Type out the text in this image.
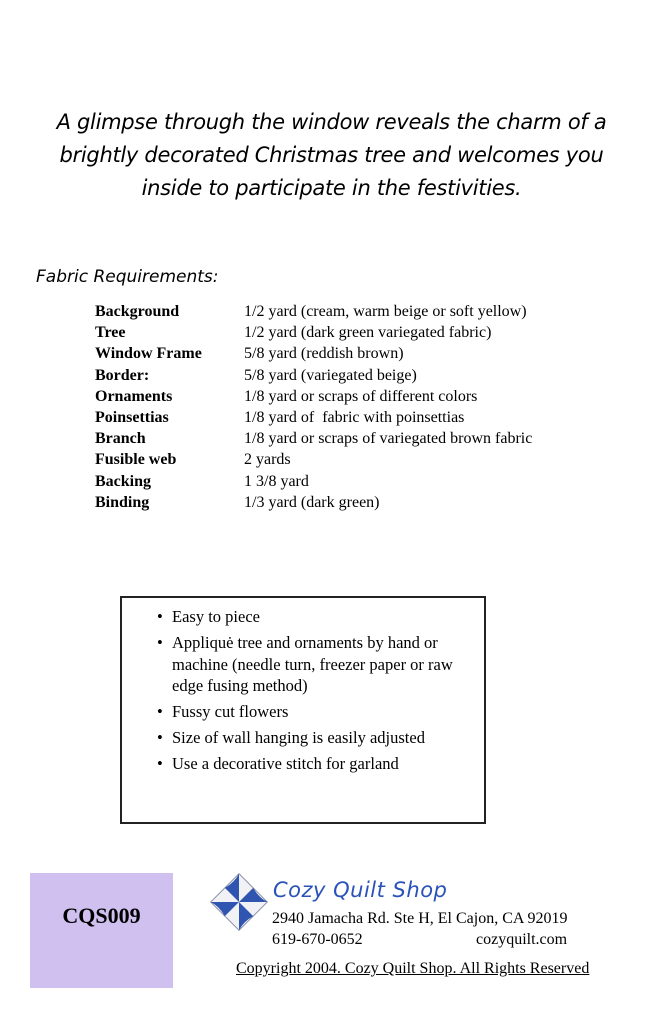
A glimpse through the window reveals the charm of a
brightly decorated Christmas tree and welcomes you
inside to participate in the festivities.
Fabric Requirements:
Background	1/2 yard (cream, warm beige or soft yellow)
Tree	1/2 yard (dark green variegated fabric)
Window Frame	5/8 yard (reddish brown)
Border:	5/8 yard (variegated beige)
Ornaments	1/8 yard or scraps of different colors
Poinsettias	1/8 yard of  fabric with poinsettias
Branch	1/8 yard or scraps of variegated brown fabric
Fusible web	2 yards
Backing	1 3/8 yard
Binding	1/3 yard (dark green)
• Easy to piece
• Appliquė tree and ornaments by hand or machine (needle turn, freezer paper or raw edge fusing method)
• Fussy cut flowers
• Size of wall hanging is easily adjusted
• Use a decorative stitch for garland
CQS009
Cozy Quilt Shop
2940 Jamacha Rd. Ste H, El Cajon, CA 92019
619-670-0652	cozyquilt.com
Copyright 2004. Cozy Quilt Shop. All Rights Reserved
